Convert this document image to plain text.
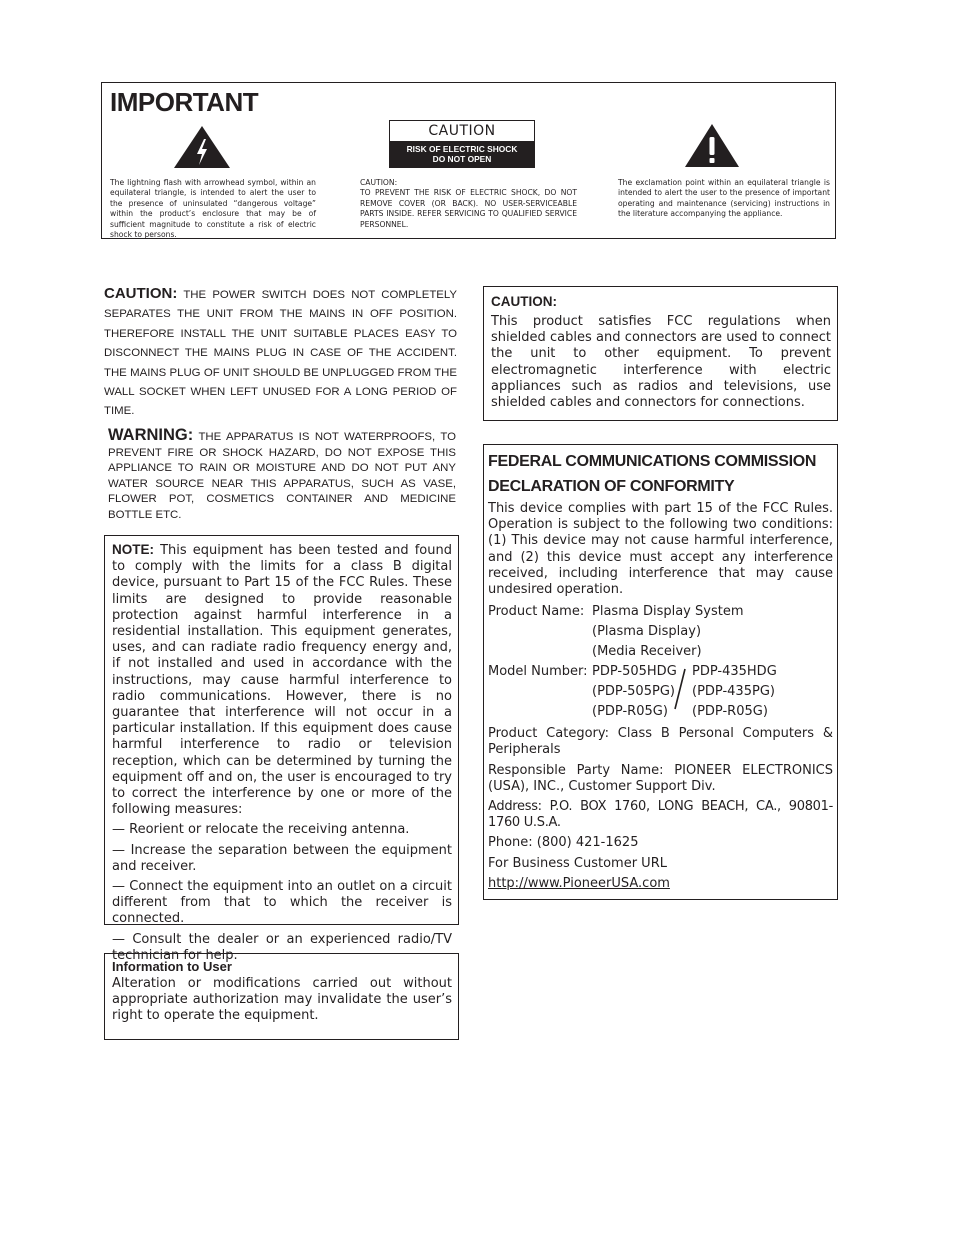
IMPORTANT
The lightning flash with arrowhead symbol, within an equilateral triangle, is intended to alert the user to the presence of uninsulated “dangerous voltage” within the product’s enclosure that may be of sufficient magnitude to constitute a risk of electric shock to persons.
CAUTION
RISK OF ELECTRIC SHOCK
DO NOT OPEN
CAUTION:
TO PREVENT THE RISK OF ELECTRIC SHOCK, DO NOT REMOVE COVER (OR BACK). NO USER-SERVICEABLE PARTS INSIDE. REFER SERVICING TO QUALIFIED SERVICE PERSONNEL.
The exclamation point within an equilateral triangle is intended to alert the user to the presence of important operating and maintenance (servicing) instructions in the literature accompanying the appliance.
CAUTION: THE POWER SWITCH DOES NOT COMPLETELY SEPARATES THE UNIT FROM THE MAINS IN OFF POSITION. THEREFORE INSTALL THE UNIT SUITABLE PLACES EASY TO DISCONNECT THE MAINS PLUG IN CASE OF THE ACCIDENT. THE MAINS PLUG OF UNIT SHOULD BE UNPLUGGED FROM THE WALL SOCKET WHEN LEFT UNUSED FOR A LONG PERIOD OF TIME.
WARNING: THE APPARATUS IS NOT WATERPROOFS, TO PREVENT FIRE OR SHOCK HAZARD, DO NOT EXPOSE THIS APPLIANCE TO RAIN OR MOISTURE AND DO NOT PUT ANY WATER SOURCE NEAR THIS APPARATUS, SUCH AS VASE, FLOWER POT, COSMETICS CONTAINER AND MEDICINE BOTTLE ETC.

NOTE: This equipment has been tested and found to comply with the limits for a class B digital device, pursuant to Part 15 of the FCC Rules. These limits are designed to provide reasonable protection against harmful interference in a residential installation. This equipment generates, uses, and can radiate radio frequency energy and, if not installed and used in accordance with the instructions, may cause harmful interference to radio communications. However, there is no guarantee that interference will not occur in a particular installation. If this equipment does cause harmful interference to radio or television reception, which can be determined by turning the equipment off and on, the user is encouraged to try to correct the interference by one or more of the following measures:

— Reorient or relocate the receiving antenna.

— Increase the separation between the equipment and receiver.

— Connect the equipment into an outlet on a circuit different from that to which the receiver is connected.

— Consult the dealer or an experienced radio/TV technician for help.

Information to User

Alteration or modifications carried out without appropriate authorization may invalidate the user’s right to operate the equipment.

CAUTION:

This product satisfies FCC regulations when shielded cables and connectors are used to connect the unit to other equipment. To prevent electromagnetic interference with electric appliances such as radios and televisions, use shielded cables and connectors for connections.

FEDERAL COMMUNICATIONS COMMISSION
DECLARATION OF CONFORMITY

This device complies with part 15 of the FCC Rules. Operation is subject to the following two conditions: (1) This device may not cause harmful interference, and (2) this device must accept any interference received, including interference that may cause undesired operation.

Product Name: Plasma Display System
(Plasma Display)
(Media Receiver)
Model Number: PDP-505HDG PDP-435HDG
(PDP-505PG) (PDP-435PG)
(PDP-R05G) (PDP-R05G)

Product Category: Class B Personal Computers & Peripherals

Responsible Party Name: PIONEER ELECTRONICS (USA), INC., Customer Support Div.

Address: P.O. BOX 1760, LONG BEACH, CA., 90801-1760 U.S.A.

Phone: (800) 421-1625

For Business Customer URL

http://www.PioneerUSA.com
